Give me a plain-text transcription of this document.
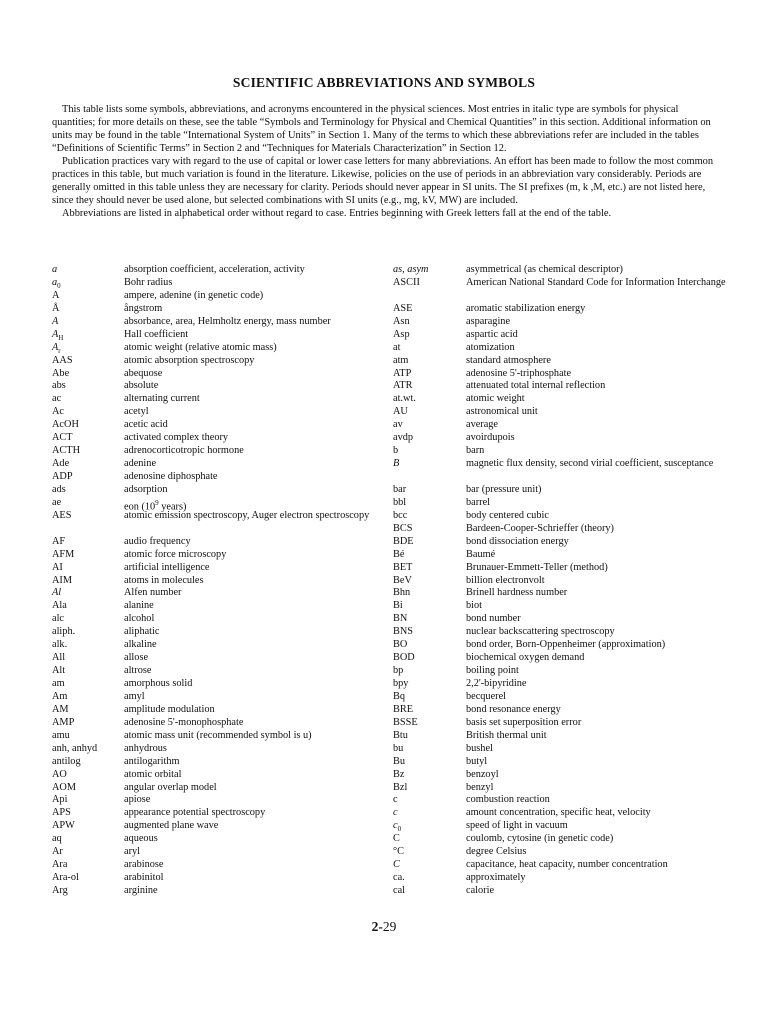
SCIENTIFIC ABBREVIATIONS AND SYMBOLS

This table lists some symbols, abbreviations, and acronyms encountered in the physical sciences. Most entries in italic type are symbols for physical quantities; for more details on these, see the table “Symbols and Terminology for Physical and Chemical Quantities” in this section. Additional information on units may be found in the table “International System of Units” in Section 1. Many of the terms to which these abbreviations refer are included in the tables “Definitions of Scientific Terms” in Section 2 and “Techniques for Materials Characterization” in Section 12.

Publication practices vary with regard to the use of capital or lower case letters for many abbreviations. An effort has been made to follow the most common practices in this table, but much variation is found in the literature. Likewise, policies on the use of periods in an abbreviation vary considerably. Periods are generally omitted in this table unless they are necessary for clarity. Periods should never appear in SI units. The SI prefixes (m, k ,M, etc.) are not listed here, since they should never be used alone, but selected combinations with SI units (e.g., mg, kV, MW) are included.

Abbreviations are listed in alphabetical order without regard to case. Entries beginning with Greek letters fall at the end of the table.

a	absorption coefficient, acceleration, activity
$a_0$	Bohr radius
A	ampere, adenine (in genetic code)
Å	ångstrom
A	absorbance, area, Helmholtz energy, mass number
$A_H$	Hall coefficient
$A_r$	atomic weight (relative atomic mass)
AAS	atomic absorption spectroscopy
Abe	abequose
abs	absolute
ac	alternating current
Ac	acetyl
AcOH	acetic acid
ACT	activated complex theory
ACTH	adrenocorticotropic hormone
Ade	adenine
ADP	adenosine diphosphate
ads	adsorption
ae	eon ($10^9$ years)
AES	atomic emission spectroscopy, Auger electron spectroscopy
AF	audio frequency
AFM	atomic force microscopy
AI	artificial intelligence
AIM	atoms in molecules
Al	Alfen number
Ala	alanine
alc	alcohol
aliph.	aliphatic
alk.	alkaline
All	allose
Alt	altrose
am	amorphous solid
Am	amyl
AM	amplitude modulation
AMP	adenosine 5'-monophosphate
amu	atomic mass unit (recommended symbol is u)
anh, anhyd	anhydrous
antilog	antilogarithm
AO	atomic orbital
AOM	angular overlap model
Api	apiose
APS	appearance potential spectroscopy
APW	augmented plane wave
aq	aqueous
Ar	aryl
Ara	arabinose
Ara-ol	arabinitol
Arg	arginine
as, asym	asymmetrical (as chemical descriptor)
ASCII	American National Standard Code for Information Interchange
ASE	aromatic stabilization energy
Asn	asparagine
Asp	aspartic acid
at	atomization
atm	standard atmosphere
ATP	adenosine 5'-triphosphate
ATR	attenuated total internal reflection
at.wt.	atomic weight
AU	astronomical unit
av	average
avdp	avoirdupois
b	barn
B	magnetic flux density, second virial coefficient, susceptance
bar	bar (pressure unit)
bbl	barrel
bcc	body centered cubic
BCS	Bardeen-Cooper-Schrieffer (theory)
BDE	bond dissociation energy
Bé	Baumé
BET	Brunauer-Emmett-Teller (method)
BeV	billion electronvolt
Bhn	Brinell hardness number
Bi	biot
BN	bond number
BNS	nuclear backscattering spectroscopy
BO	bond order, Born-Oppenheimer (approximation)
BOD	biochemical oxygen demand
bp	boiling point
bpy	2,2'-bipyridine
Bq	becquerel
BRE	bond resonance energy
BSSE	basis set superposition error
Btu	British thermal unit
bu	bushel
Bu	butyl
Bz	benzoyl
Bzl	benzyl
c	combustion reaction
c	amount concentration, specific heat, velocity
$c_0$	speed of light in vacuum
C	coulomb, cytosine (in genetic code)
°C	degree Celsius
C	capacitance, heat capacity, number concentration
ca.	approximately
cal	calorie
2-29
